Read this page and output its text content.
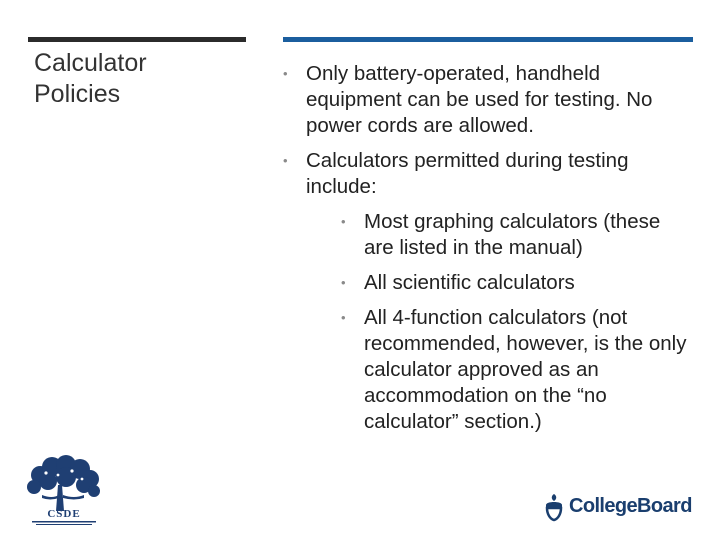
Calculator
Policies
• Only battery-operated, handheld equipment can be used for testing. No power cords are allowed.
• Calculators permitted during testing include:
• Most graphing calculators (these are listed in the manual)
• All scientific calculators
• All 4-function calculators (not recommended, however, is the only calculator approved as an accommodation on the “no calculator” section.)
CSDE	CollegeBoard
